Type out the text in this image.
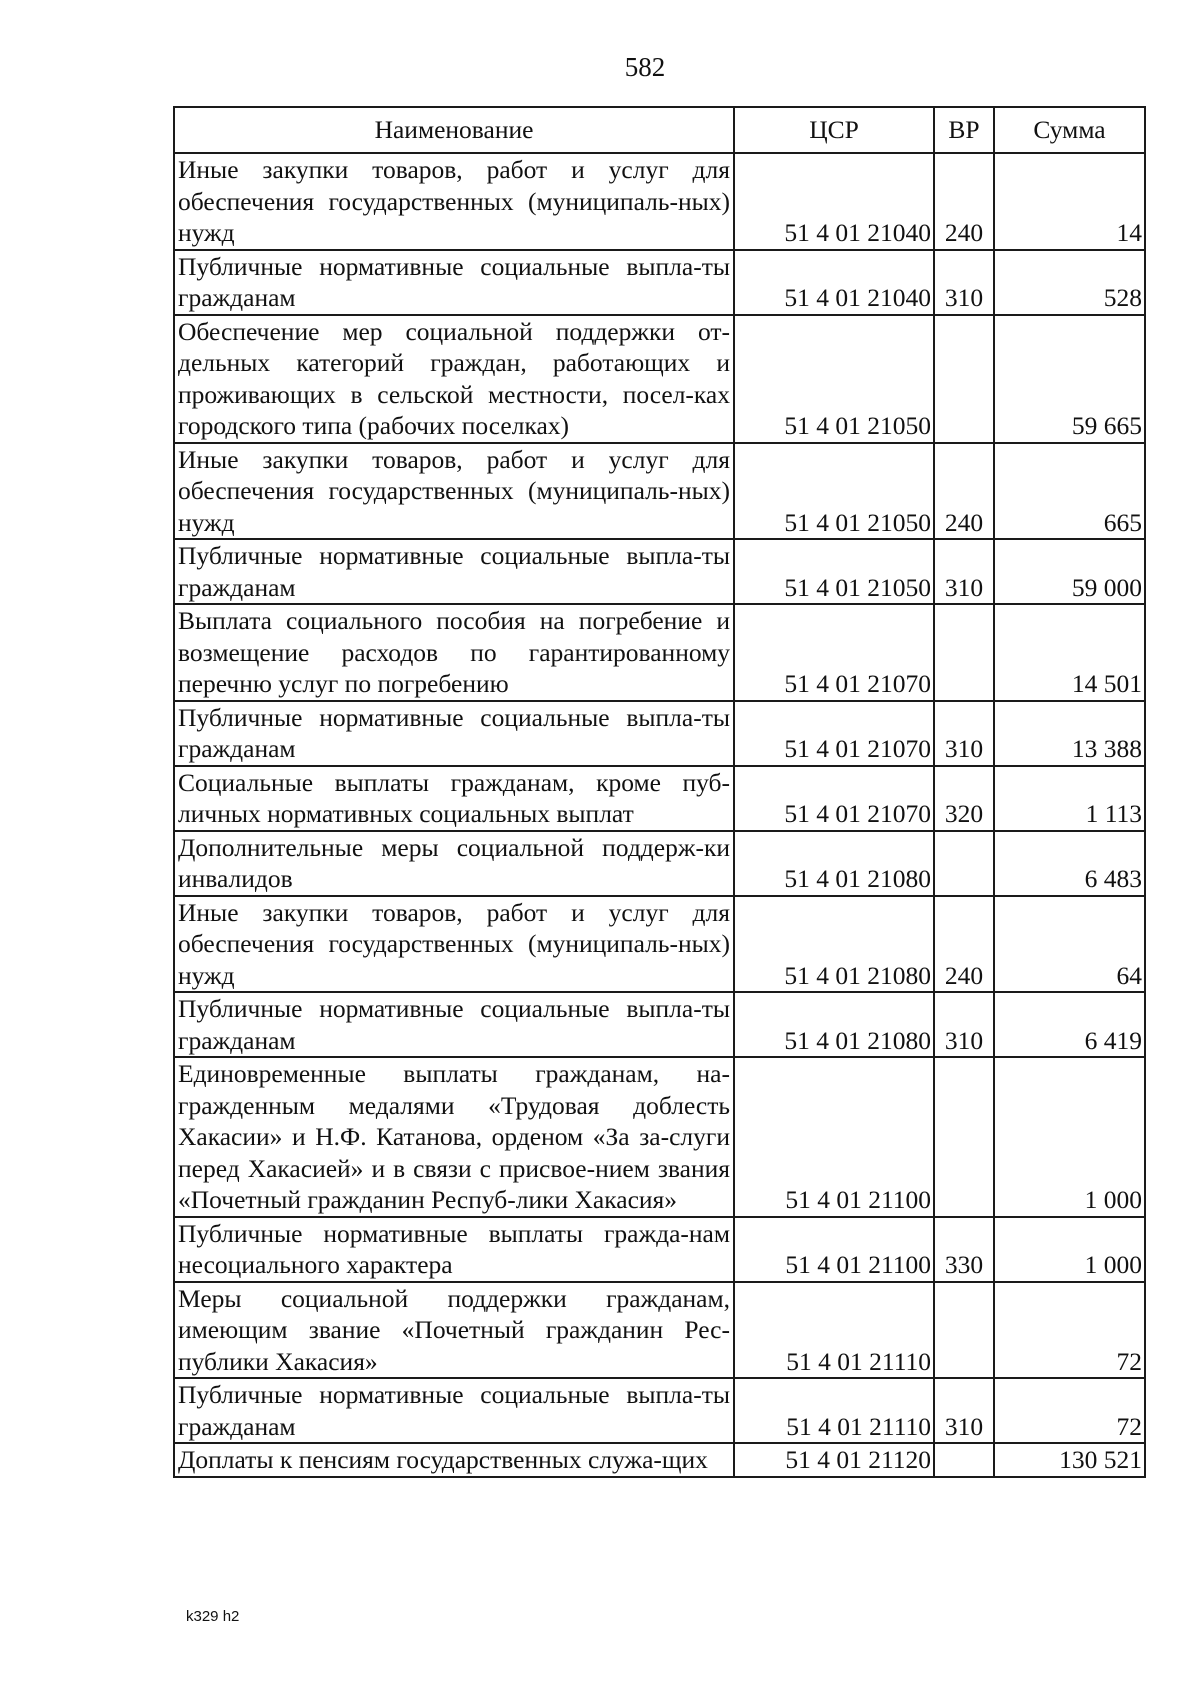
582
Наименование	ЦСР	ВР	Сумма
Иные закупки товаров, работ и услуг для обеспечения государственных (муниципаль-ных) нужд	51 4 01 21040	240	14
Публичные нормативные социальные выпла-ты гражданам	51 4 01 21040	310	528
Обеспечение мер социальной поддержки от-дельных категорий граждан, работающих и проживающих в сельской местности, посел-ках городского типа (рабочих поселках)	51 4 01 21050		59 665
Иные закупки товаров, работ и услуг для обеспечения государственных (муниципаль-ных) нужд	51 4 01 21050	240	665
Публичные нормативные социальные выпла-ты гражданам	51 4 01 21050	310	59 000
Выплата социального пособия на погребение и возмещение расходов по гарантированному перечню услуг по погребению	51 4 01 21070		14 501
Публичные нормативные социальные выпла-ты гражданам	51 4 01 21070	310	13 388
Социальные выплаты гражданам, кроме пуб-личных нормативных социальных выплат	51 4 01 21070	320	1 113
Дополнительные меры социальной поддерж-ки инвалидов	51 4 01 21080		6 483
Иные закупки товаров, работ и услуг для обеспечения государственных (муниципаль-ных) нужд	51 4 01 21080	240	64
Публичные нормативные социальные выпла-ты гражданам	51 4 01 21080	310	6 419
Единовременные выплаты гражданам, на-гражденным медалями «Трудовая доблесть Хакасии» и Н.Ф. Катанова, орденом «За за-слуги перед Хакасией» и в связи с присвое-нием звания «Почетный гражданин Респуб-лики Хакасия»	51 4 01 21100		1 000
Публичные нормативные выплаты гражда-нам несоциального характера	51 4 01 21100	330	1 000
Меры социальной поддержки гражданам, имеющим звание «Почетный гражданин Рес-публики Хакасия»	51 4 01 21110		72
Публичные нормативные социальные выпла-ты гражданам	51 4 01 21110	310	72
Доплаты к пенсиям государственных служа-щих	51 4 01 21120		130 521
k329 h2
